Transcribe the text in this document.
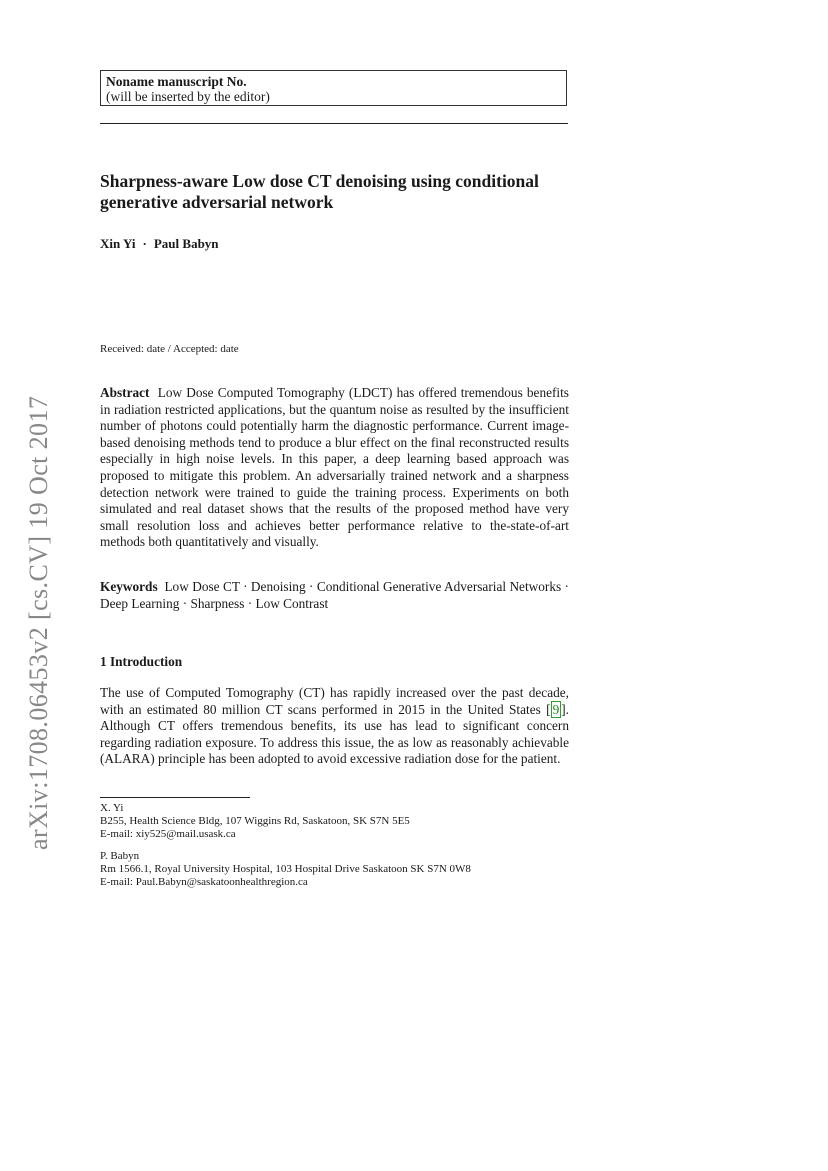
arXiv:1708.06453v2 [cs.CV] 19 Oct 2017
Noname manuscript No.
(will be inserted by the editor)
Sharpness-aware Low dose CT denoising using conditional generative adversarial network
Xin Yi · Paul Babyn
Received: date / Accepted: date

Abstract Low Dose Computed Tomography (LDCT) has offered tremendous benefits in radiation restricted applications, but the quantum noise as resulted by the insufficient number of photons could potentially harm the diagnostic performance. Current image-based denoising methods tend to produce a blur effect on the final reconstructed results especially in high noise levels. In this paper, a deep learning based approach was proposed to mitigate this problem. An adversarially trained network and a sharpness detection network were trained to guide the training process. Experiments on both simulated and real dataset shows that the results of the proposed method have very small resolution loss and achieves better performance relative to the-state-of-art methods both quantitatively and visually.

Keywords Low Dose CT · Denoising · Conditional Generative Adversarial Networks · Deep Learning · Sharpness · Low Contrast

1 Introduction

The use of Computed Tomography (CT) has rapidly increased over the past decade, with an estimated 80 million CT scans performed in 2015 in the United States [ 9 ]. Although CT offers tremendous benefits, its use has lead to significant concern regarding radiation exposure. To address this issue, the as low as reasonably achievable (ALARA) principle has been adopted to avoid excessive radiation dose for the patient.

X. Yi
B255, Health Science Bldg, 107 Wiggins Rd, Saskatoon, SK S7N 5E5
E-mail: xiy525@mail.usask.ca
P. Babyn
Rm 1566.1, Royal University Hospital, 103 Hospital Drive Saskatoon SK S7N 0W8
E-mail: Paul.Babyn@saskatoonhealthregion.ca
